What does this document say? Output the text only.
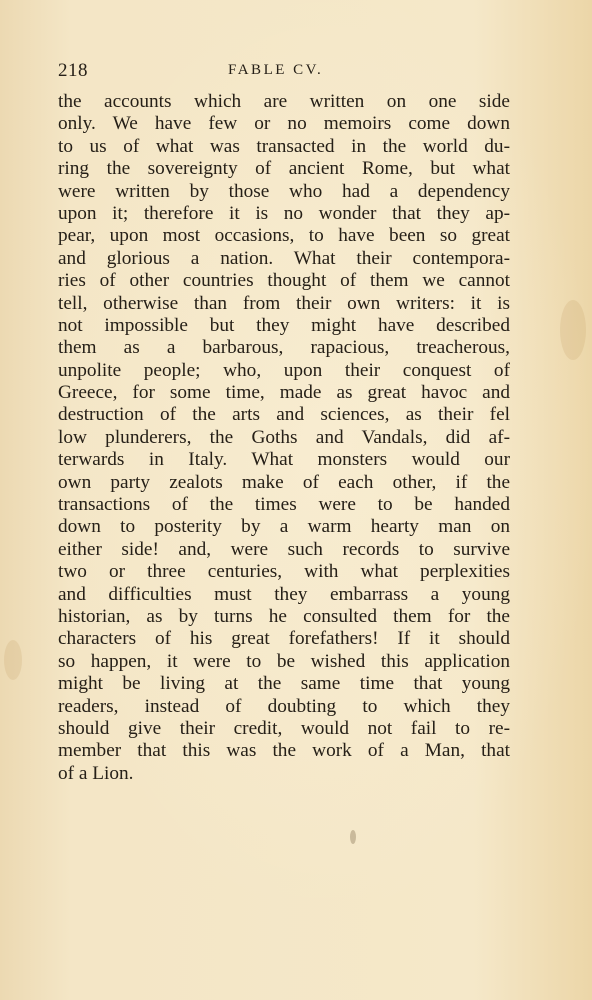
218	FABLE CV.
the accounts which are written on one side
only. We have few or no memoirs come down
to us of what was transacted in the world du-
ring the sovereignty of ancient Rome, but what
were written by those who had a dependency
upon it; therefore it is no wonder that they ap-
pear, upon most occasions, to have been so great
and glorious a nation. What their contempora-
ries of other countries thought of them we cannot
tell, otherwise than from their own writers: it is
not impossible but they might have described
them as a barbarous, rapacious, treacherous,
unpolite people; who, upon their conquest of
Greece, for some time, made as great havoc and
destruction of the arts and sciences, as their fel
low plunderers, the Goths and Vandals, did af-
terwards in Italy. What monsters would our
own party zealots make of each other, if the
transactions of the times were to be handed
down to posterity by a warm hearty man on
either side! and, were such records to survive
two or three centuries, with what perplexities
and difficulties must they embarrass a young
historian, as by turns he consulted them for the
characters of his great forefathers! If it should
so happen, it were to be wished this application
might be living at the same time that young
readers, instead of doubting to which they
should give their credit, would not fail to re-
member that this was the work of a Man, that
of a Lion.
